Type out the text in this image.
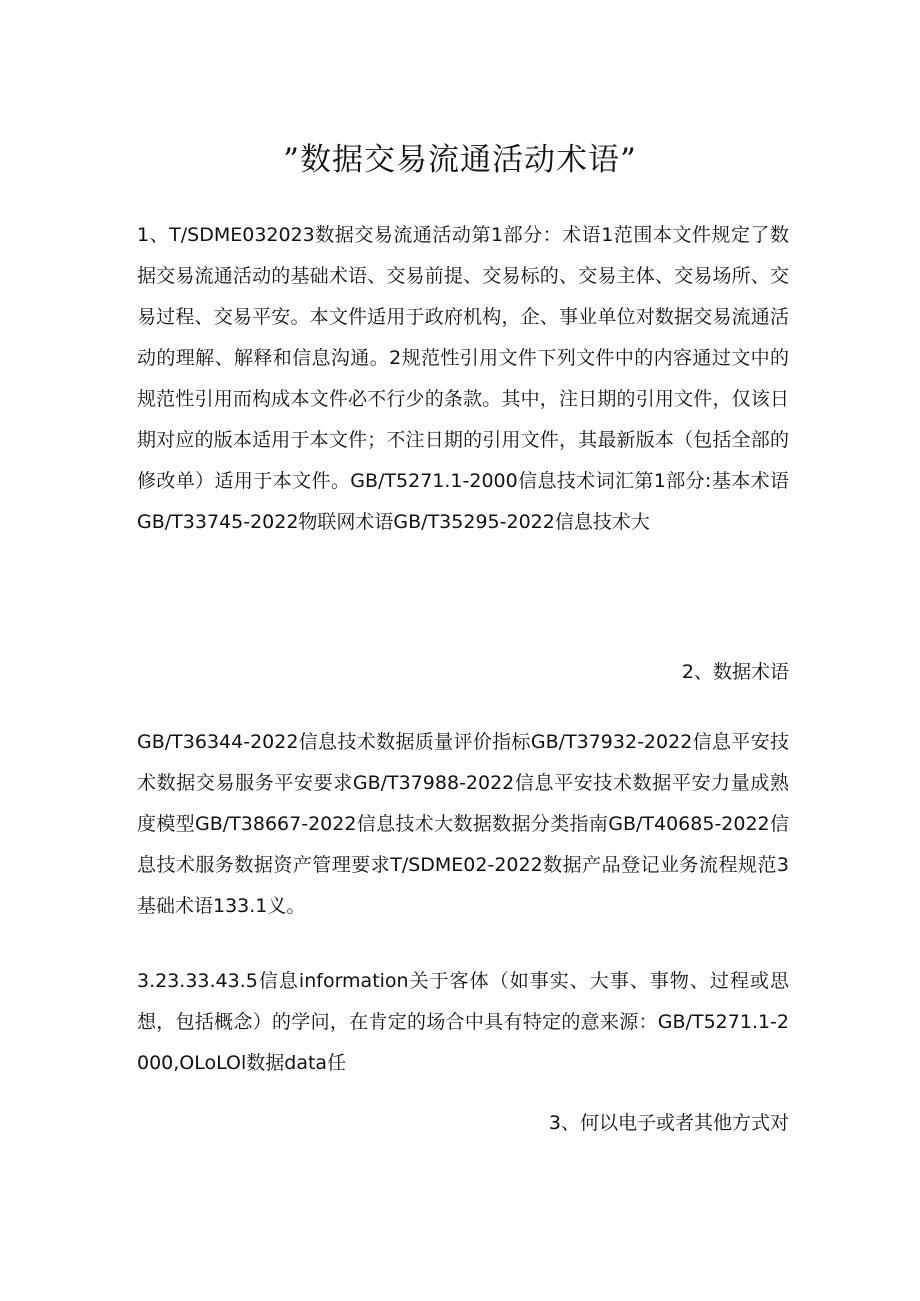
”数据交易流通活动术语”

1、T/SDME032023数据交易流通活动第1部分：术语1范围本文件规定了数据交易流通活动的基础术语、交易前提、交易标的、交易主体、交易场所、交易过程、交易平安。本文件适用于政府机构，企、事业单位对数据交易流通活动的理解、解释和信息沟通。2规范性引用文件下列文件中的内容通过文中的规范性引用而构成本文件必不行少的条款。其中，注日期的引用文件，仅该日期对应的版本适用于本文件；不注日期的引用文件，其最新版本（包括全部的修改单）适用于本文件。GB/T5271.1-2000信息技术词汇第1部分:基本术语GB/T33745-2022物联网术语GB/T35295-2022信息技术大

2、数据术语

GB/T36344-2022信息技术数据质量评价指标GB/T37932-2022信息平安技术数据交易服务平安要求GB/T37988-2022信息平安技术数据平安力量成熟度模型GB/T38667-2022信息技术大数据数据分类指南GB/T40685-2022信息技术服务数据资产管理要求T/SDME02-2022数据产品登记业务流程规范3基础术语133.1义。

3.23.33.43.5信息information关于客体（如事实、大事、事物、过程或思想，包括概念）的学问，在肯定的场合中具有特定的意来源：GB/T5271.1-2000,OLoLOl数据data任

3、何以电子或者其他方式对
